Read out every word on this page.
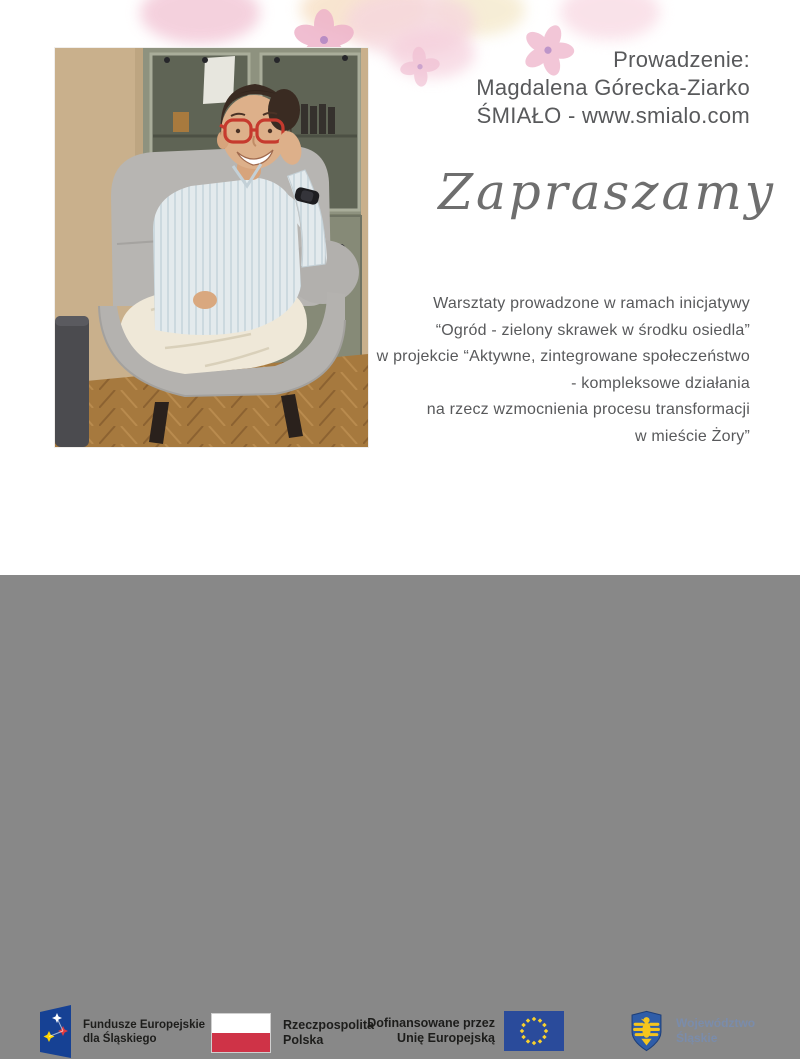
Prowadzenie:
Magdalena Górecka-Ziarko
ŚMIAŁO - www.smialo.com
Zapraszamy
Warsztaty prowadzone w ramach inicjatywy
“Ogród - zielony skrawek w środku osiedla”
w projekcie “Aktywne, zintegrowane społeczeństwo
- kompleksowe działania
na rzecz wzmocnienia procesu transformacji
w mieście Żory”
Fundusze Europejskie
dla Śląskiego
Rzeczpospolita
Polska
Dofinansowane przez
Unię Europejską
Województwo
Śląskie
